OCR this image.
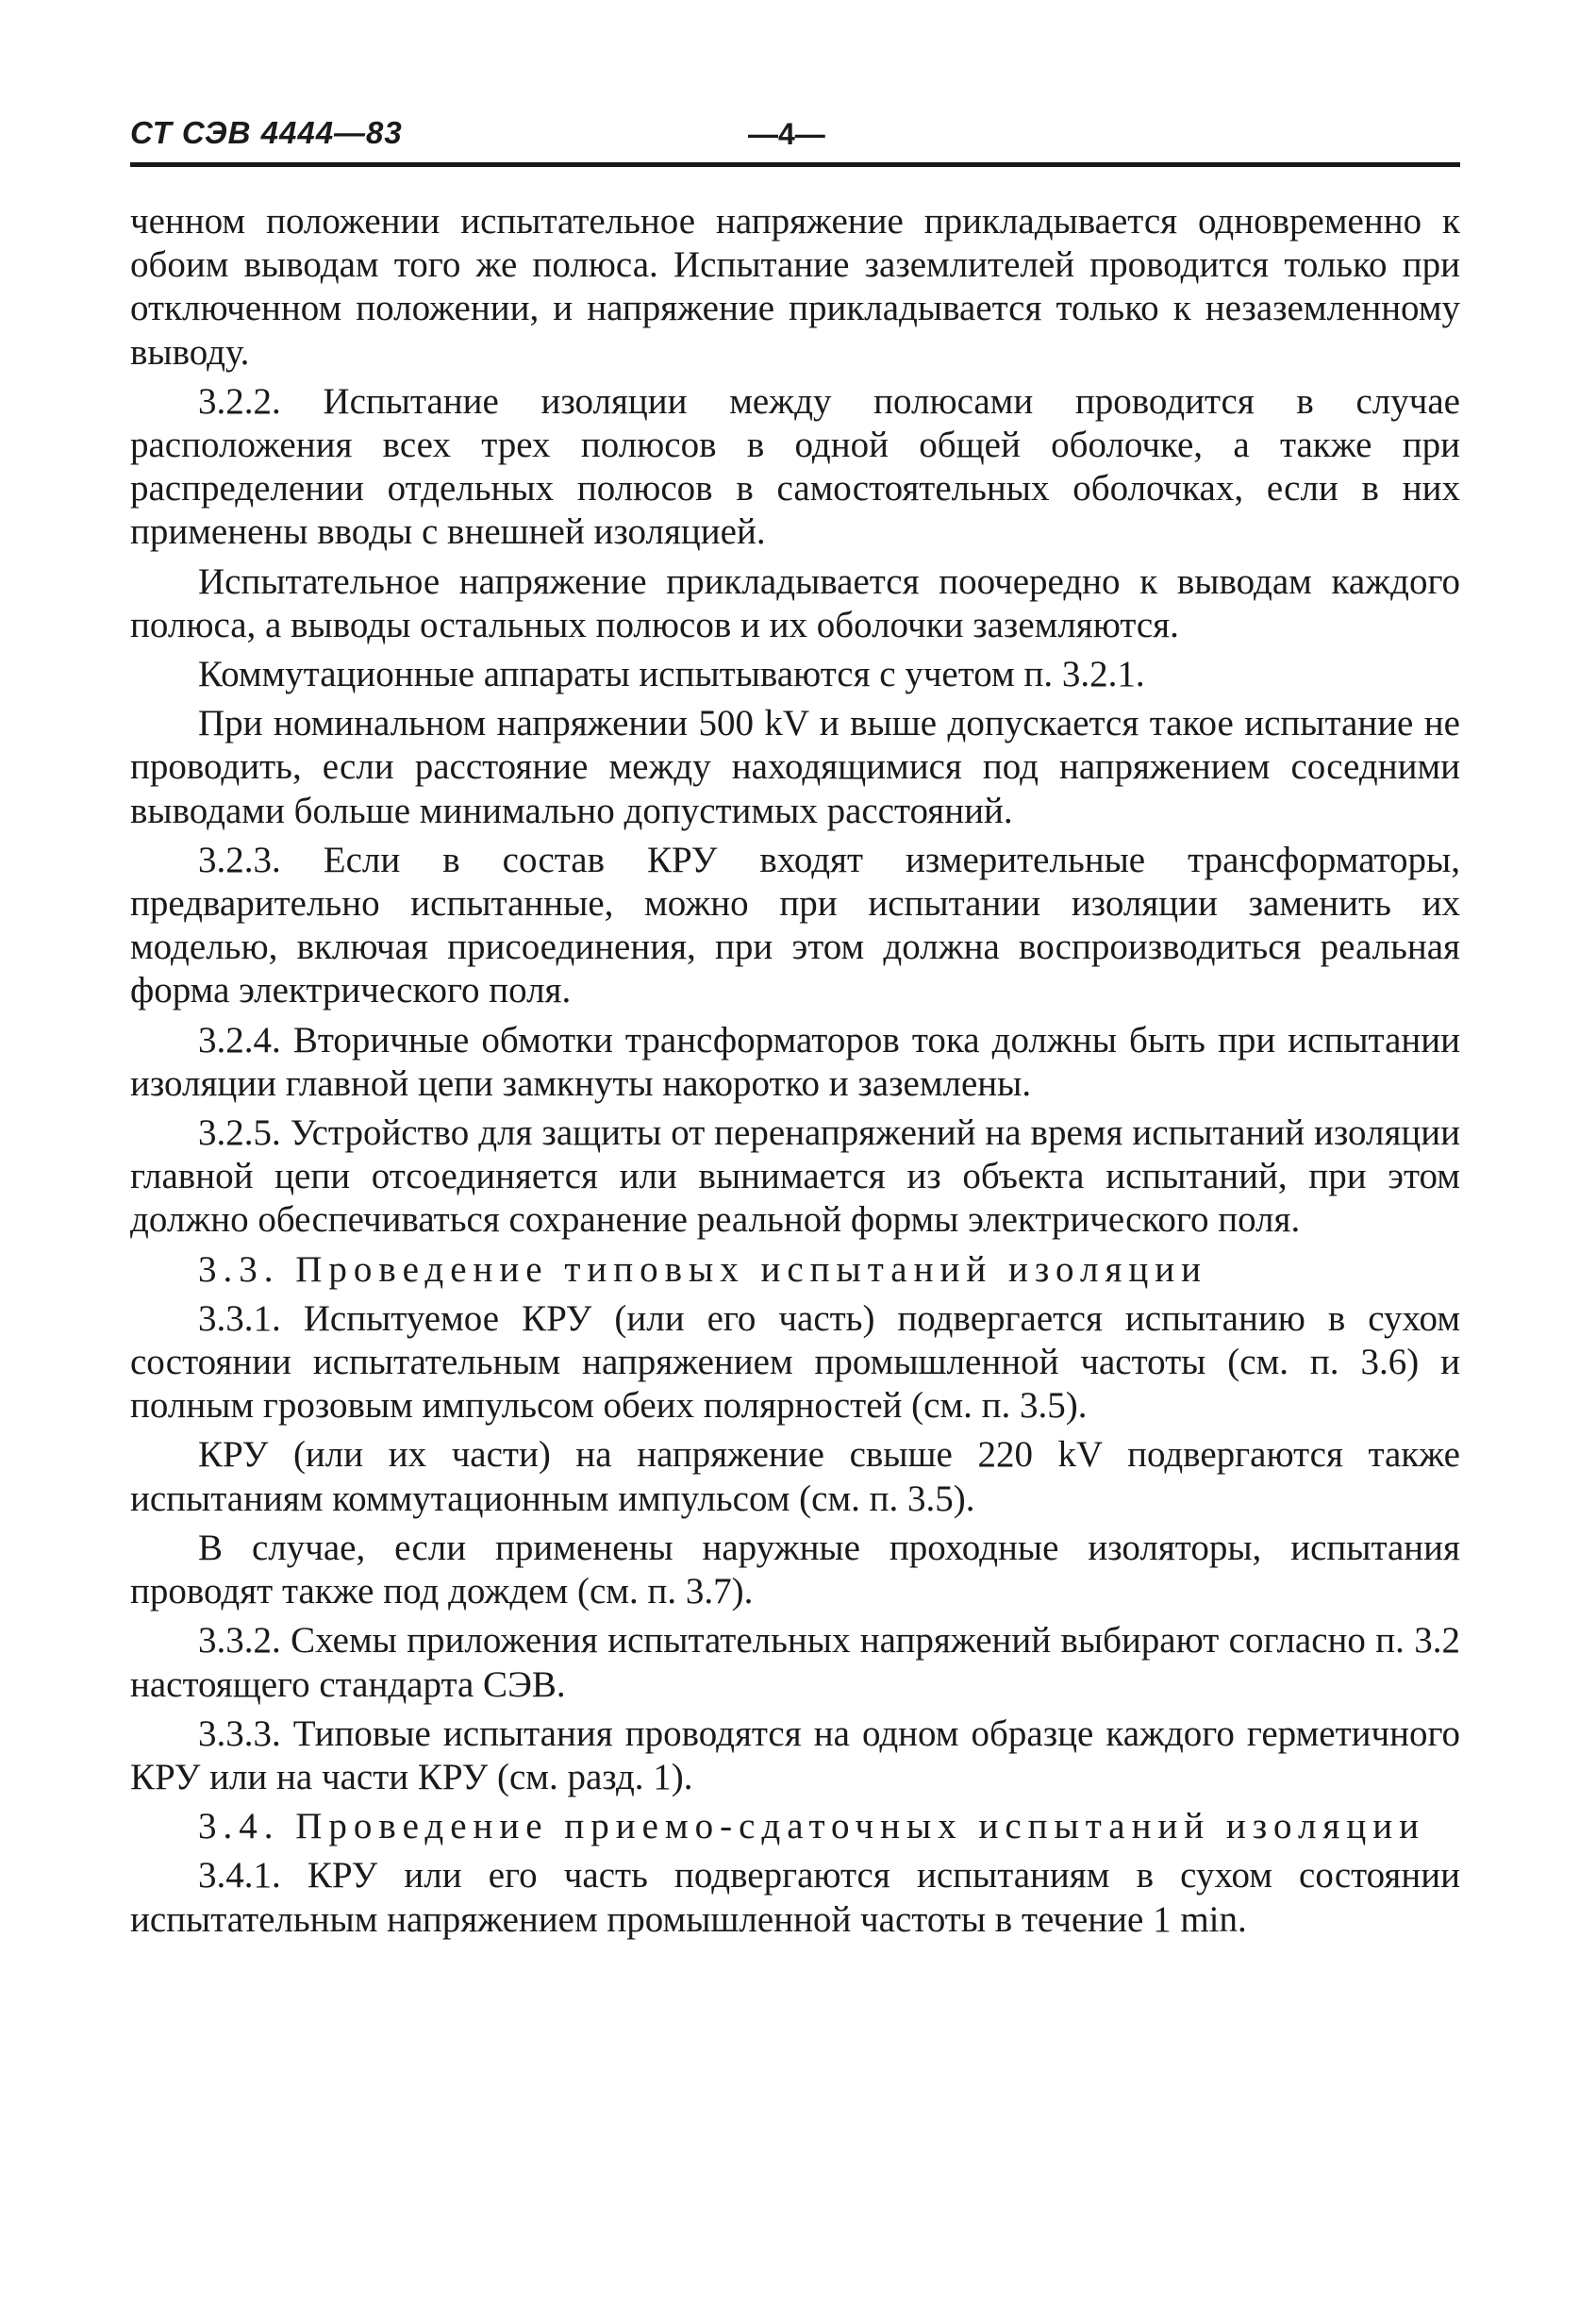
СТ СЭВ 4444—83	—4—

ченном положении испытательное напряжение прикладывается одновременно к обоим выводам того же полюса. Испытание заземлителей проводится только при отключенном положении, и напряжение прикладывается только к незаземленному выводу.

3.2.2. Испытание изоляции между полюсами проводится в случае расположения всех трех полюсов в одной общей оболочке, а также при распределении отдельных полюсов в самостоятельных оболочках, если в них применены вводы с внешней изоляцией.

Испытательное напряжение прикладывается поочередно к выводам каждого полюса, а выводы остальных полюсов и их оболочки заземляются.

Коммутационные аппараты испытываются с учетом п. 3.2.1.

При номинальном напряжении 500 kV и выше допускается такое испытание не проводить, если расстояние между находящимися под напряжением соседними выводами больше минимально допустимых расстояний.

3.2.3. Если в состав КРУ входят измерительные трансформаторы, предварительно испытанные, можно при испытании изоляции заменить их моделью, включая присоединения, при этом должна воспроизводиться реальная форма электрического поля.

3.2.4. Вторичные обмотки трансформаторов тока должны быть при испытании изоляции главной цепи замкнуты накоротко и заземлены.

3.2.5. Устройство для защиты от перенапряжений на время испытаний изоляции главной цепи отсоединяется или вынимается из объекта испытаний, при этом должно обеспечиваться сохранение реальной формы электрического поля.

3.3. Проведение типовых испытаний изоляции

3.3.1. Испытуемое КРУ (или его часть) подвергается испытанию в сухом состоянии испытательным напряжением промышленной частоты (см. п. 3.6) и полным грозовым импульсом обеих полярностей (см. п. 3.5).

КРУ (или их части) на напряжение свыше 220 kV подвергаются также испытаниям коммутационным импульсом (см. п. 3.5).

В случае, если применены наружные проходные изоляторы, испытания проводят также под дождем (см. п. 3.7).

3.3.2. Схемы приложения испытательных напряжений выбирают согласно п. 3.2 настоящего стандарта СЭВ.

3.3.3. Типовые испытания проводятся на одном образце каждого герметичного КРУ или на части КРУ (см. разд. 1).

3.4. Проведение приемо-сдаточных испытаний изоляции

3.4.1. КРУ или его часть подвергаются испытаниям в сухом состоянии испытательным напряжением промышленной частоты в течение 1 min.
